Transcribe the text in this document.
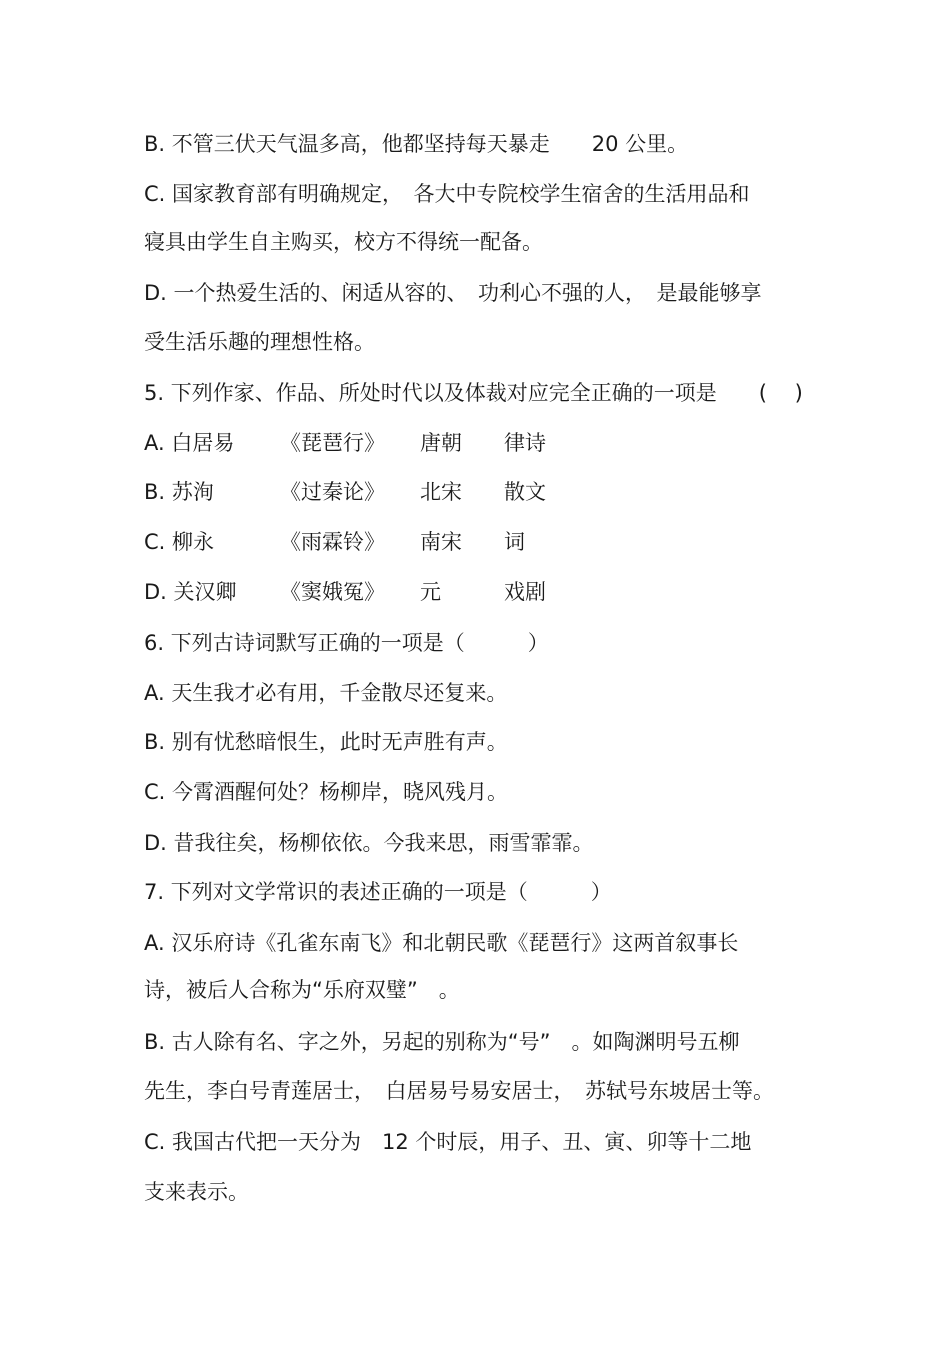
B. 不管三伏天气温多高，他都坚持每天暴走　　20 公里。
C. 国家教育部有明确规定，　各大中专院校学生宿舍的生活用品和
寝具由学生自主购买，校方不得统一配备。
D. 一个热爱生活的、闲适从容的、　功利心不强的人，　是最能够享
受生活乐趣的理想性格。
5. 下列作家、作品、所处时代以及体裁对应完全正确的一项是　　(　 )
A. 白居易 《琵琶行》 唐朝 律诗
B. 苏洵	《过秦论》 北宋 散文
C. 柳永	《雨霖铃》 南宋 词
D. 关汉卿 《窦娥冤》 元	戏剧
6. 下列古诗词默写正确的一项是（　　　）
A. 天生我才必有用，千金散尽还复来。
B. 别有忧愁暗恨生，此时无声胜有声。
C. 今霄酒醒何处？杨柳岸，晓风残月。
D. 昔我往矣，杨柳依依。今我来思，雨雪霏霏。
7. 下列对文学常识的表述正确的一项是（　　　）
A. 汉乐府诗《孔雀东南飞》和北朝民歌《琵琶行》这两首叙事长
诗，被后人合称为“乐府双璧”　。
B. 古人除有名、字之外，另起的别称为“号”　。如陶渊明号五柳
先生，李白号青莲居士，　白居易号易安居士，　苏轼号东坡居士等。
C. 我国古代把一天分为　12 个时辰，用子、丑、寅、卯等十二地
支来表示。
